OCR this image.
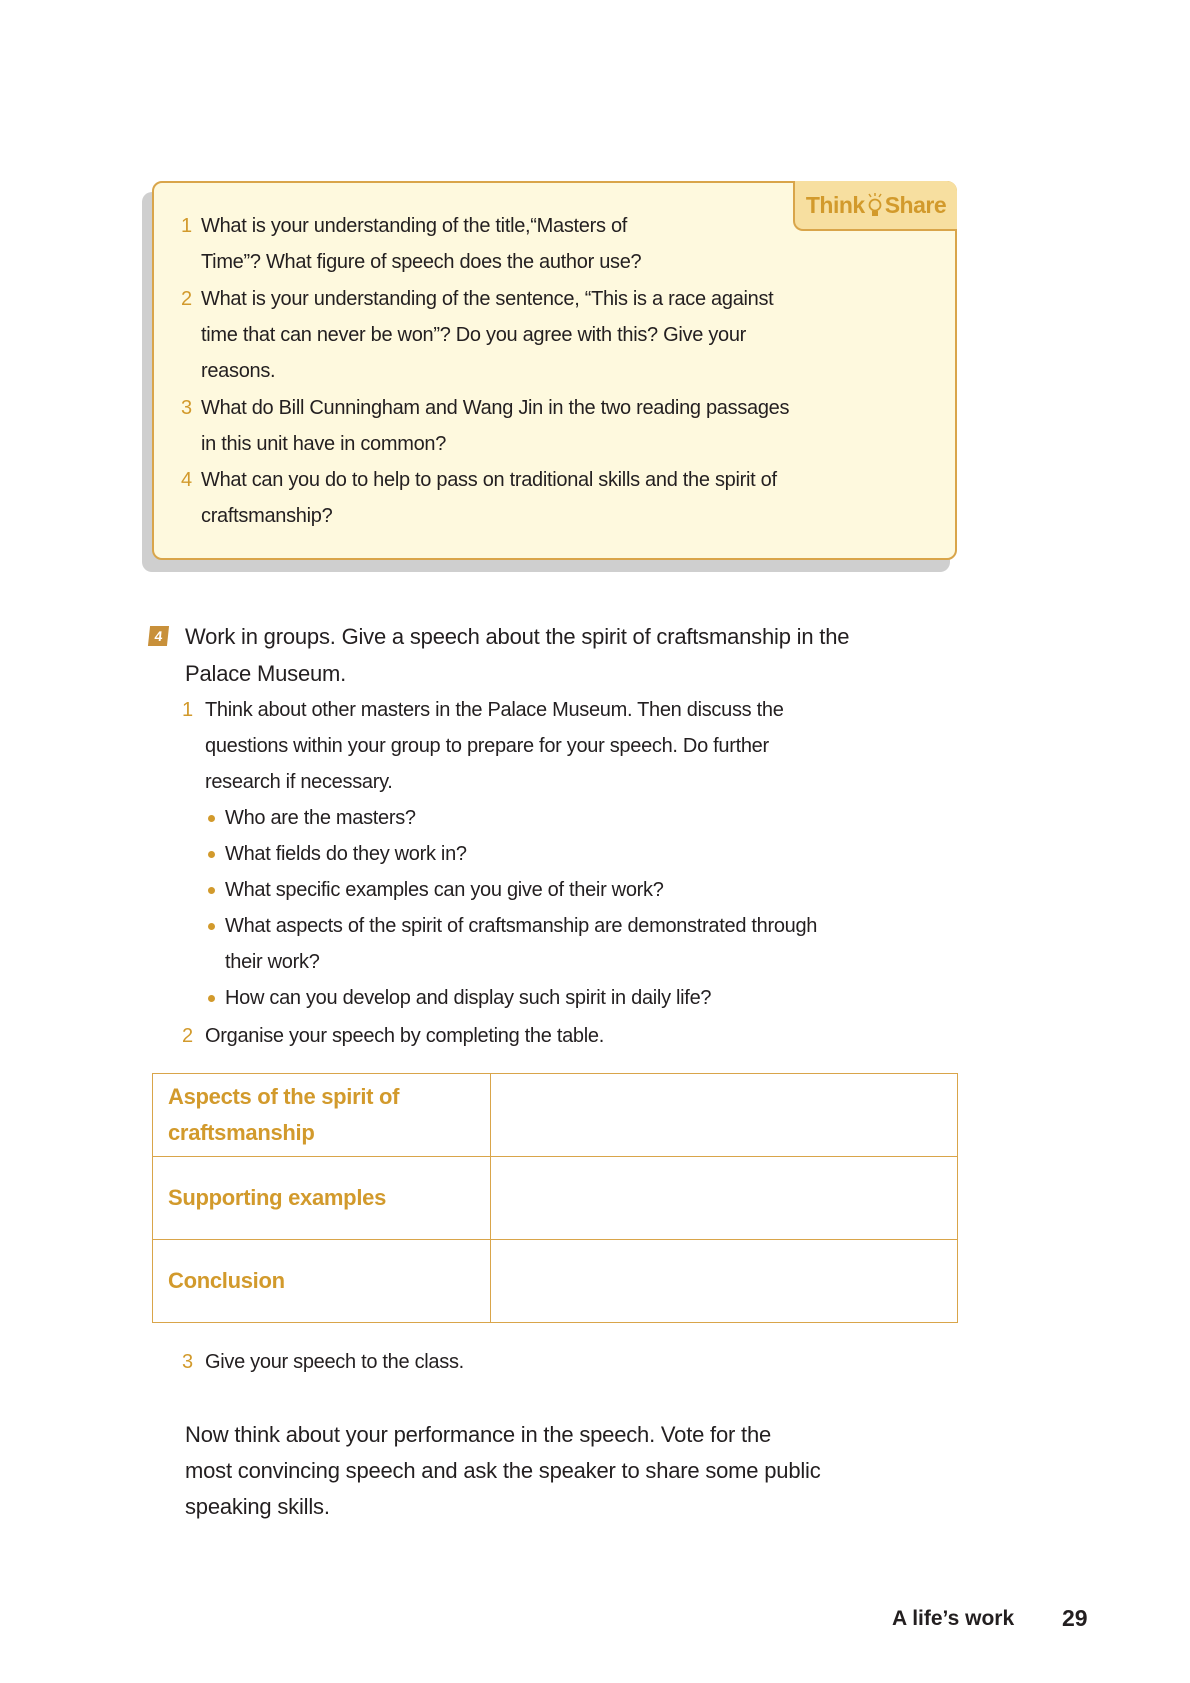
Think Share
1 What is your understanding of the title,“Masters of
Time”? What figure of speech does the author use?
2 What is your understanding of the sentence, “This is a race against
time that can never be won”? Do you agree with this? Give your
reasons.
3 What do Bill Cunningham and Wang Jin in the two reading passages
in this unit have in common?
4 What can you do to help to pass on traditional skills and the spirit of
craftsmanship?
4 Work in groups. Give a speech about the spirit of craftsmanship in the
Palace Museum.
1 Think about other masters in the Palace Museum. Then discuss the
questions within your group to prepare for your speech. Do further
research if necessary.
Who are the masters?
What fields do they work in?
What specific examples can you give of their work?
What aspects of the spirit of craftsmanship are demonstrated through
their work?
How can you develop and display such spirit in daily life?
2 Organise your speech by completing the table.
Aspects of the spirit of
craftsmanship	
Supporting examples	
Conclusion	
3 Give your speech to the class.
Now think about your performance in the speech. Vote for the
most convincing speech and ask the speaker to share some public
speaking skills.
A life’s work 29
